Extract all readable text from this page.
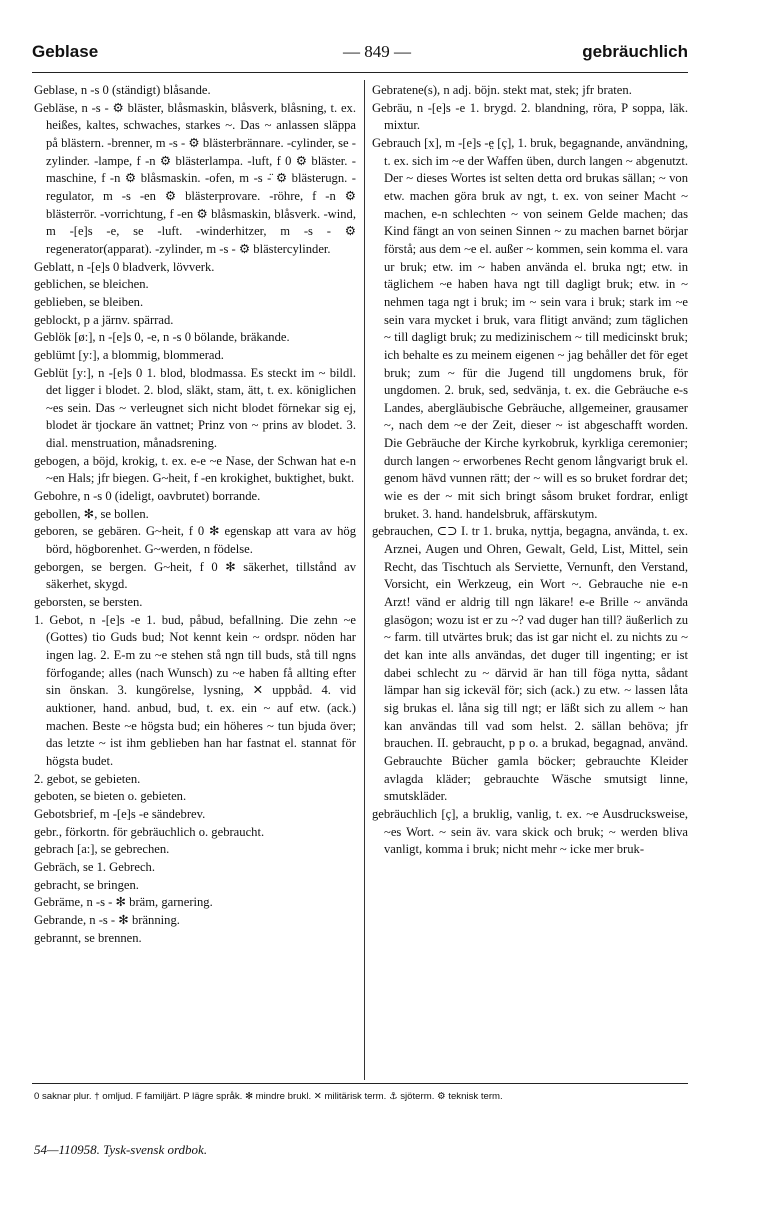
Geblase	— 849 —	gebräuchlich

Geblase, n -s 0 (ständigt) blåsande.

Gebläse, n -s - ⚙ bläster, blåsmaskin, blåsverk, blåsning, t. ex. heißes, kaltes, schwaches, starkes ~. Das ~ anlassen släppa på blästern. -brenner, m -s - ⚙ blästerbrännare. -cylinder, se -zylinder. -lampe, f -n ⚙ blästerlampa. -luft, f 0 ⚙ bläster. -maschine, f -n ⚙ blåsmaskin. -ofen, m -s -̈ ⚙ blästerugn. -regulator, m -s -en ⚙ blästerprovare. -röhre, f -n ⚙ blästerrör. -vorrichtung, f -en ⚙ blåsmaskin, blåsverk. -wind, m -[e]s -e, se -luft. -winderhitzer, m -s - ⚙ regenerator(apparat). -zylinder, m -s - ⚙ blästercylinder.

Geblatt, n -[e]s 0 bladverk, lövverk.

geblichen, se bleichen.

geblieben, se bleiben.

geblockt, p a järnv. spärrad.

Geblök [ø:], n -[e]s 0, -e, n -s 0 bölande, bräkande.

geblümt [y:], a blommig, blommerad.

Geblüt [y:], n -[e]s 0 1. blod, blodmassa. Es steckt im ~ bildl. det ligger i blodet. 2. blod, släkt, stam, ätt, t. ex. königlichen ~es sein. Das ~ verleugnet sich nicht blodet förnekar sig ej, blodet är tjockare än vattnet; Prinz von ~ prins av blodet. 3. dial. menstruation, månadsrening.

gebogen, a böjd, krokig, t. ex. e-e ~e Nase, der Schwan hat e-n ~en Hals; jfr biegen. G~heit, f -en krokighet, buktighet, bukt.

Gebohre, n -s 0 (ideligt, oavbrutet) borrande.

gebollen, ✻, se bollen.

geboren, se gebären. G~heit, f 0 ✻ egenskap att vara av hög börd, högborenhet. G~werden, n födelse.

geborgen, se bergen. G~heit, f 0 ✻ säkerhet, tillstånd av säkerhet, skygd.

geborsten, se bersten.

1. Gebot, n -[e]s -e 1. bud, påbud, befallning. Die zehn ~e (Gottes) tio Guds bud; Not kennt kein ~ ordspr. nöden har ingen lag. 2. E-m zu ~e stehen stå ngn till buds, stå till ngns förfogande; alles (nach Wunsch) zu ~e haben få allting efter sin önskan. 3. kungörelse, lysning, ✕ uppbåd. 4. vid auktioner, hand. anbud, bud, t. ex. ein ~ auf etw. (ack.) machen. Beste ~e högsta bud; ein höheres ~ tun bjuda över; das letzte ~ ist ihm geblieben han har fastnat el. stannat för högsta budet.

2. gebot, se gebieten.

geboten, se bieten o. gebieten.

Gebotsbrief, m -[e]s -e sändebrev.

gebr., förkortn. för gebräuchlich o. gebraucht.

gebrach [a:], se gebrechen.

Gebräch, se 1. Gebrech.

gebracht, se bringen.

Gebräme, n -s - ✻ bräm, garnering.

Gebrande, n -s - ✻ bränning.

gebrannt, se brennen.

Gebratene(s), n adj. böjn. stekt mat, stek; jfr braten.

Gebräu, n -[e]s -e 1. brygd. 2. blandning, röra, P soppa, läk. mixtur.

Gebrauch [x], m -[e]s -e̤ [ç], 1. bruk, begagnande, användning, t. ex. sich im ~e der Waffen üben, durch langen ~ abgenutzt. Der ~ dieses Wortes ist selten detta ord brukas sällan; ~ von etw. machen göra bruk av ngt, t. ex. von seiner Macht ~ machen, e-n schlechten ~ von seinem Gelde machen; das Kind fängt an von seinen Sinnen ~ zu machen barnet börjar förstå; aus dem ~e el. außer ~ kommen, sein komma el. vara ur bruk; etw. im ~ haben använda el. bruka ngt; etw. in täglichem ~e haben hava ngt till dagligt bruk; etw. in ~ nehmen taga ngt i bruk; im ~ sein vara i bruk; stark im ~e sein vara mycket i bruk, vara flitigt använd; zum täglichen ~ till dagligt bruk; zu medizinischem ~ till medicinskt bruk; ich behalte es zu meinem eigenen ~ jag behåller det för eget bruk; zum ~ für die Jugend till ungdomens bruk, för ungdomen. 2. bruk, sed, sedvänja, t. ex. die Gebräuche e-s Landes, abergläubische Gebräuche, allgemeiner, grausamer ~, nach dem ~e der Zeit, dieser ~ ist abgeschafft worden. Die Gebräuche der Kirche kyrkobruk, kyrkliga ceremonier; durch langen ~ erworbenes Recht genom långvarigt bruk el. genom hävd vunnen rätt; der ~ will es so bruket fordrar det; wie es der ~ mit sich bringt såsom bruket fordrar, enligt bruket. 3. hand. handelsbruk, affärskutym.

gebrauchen, ⊂⊃ I. tr 1. bruka, nyttja, begagna, använda, t. ex. Arznei, Augen und Ohren, Gewalt, Geld, List, Mittel, sein Recht, das Tischtuch als Serviette, Vernunft, den Verstand, Vorsicht, ein Werkzeug, ein Wort ~. Gebrauche nie e-n Arzt! vänd er aldrig till ngn läkare! e-e Brille ~ använda glasögon; wozu ist er zu ~? vad duger han till? äußerlich zu ~ farm. till utvärtes bruk; das ist gar nicht el. zu nichts zu ~ det kan inte alls användas, det duger till ingenting; er ist dabei schlecht zu ~ därvid är han till föga nytta, sådant lämpar han sig ickeväl för; sich (ack.) zu etw. ~ lassen låta sig brukas el. låna sig till ngt; er läßt sich zu allem ~ han kan användas till vad som helst. 2. sällan behöva; jfr brauchen. II. gebraucht, p p o. a brukad, begagnad, använd. Gebrauchte Bücher gamla böcker; gebrauchte Kleider avlagda kläder; gebrauchte Wäsche smutsigt linne, smutskläder.

gebräuchlich [ç], a bruklig, vanlig, t. ex. ~e Ausdrucksweise, ~es Wort. ~ sein äv. vara skick och bruk; ~ werden bliva vanligt, komma i bruk; nicht mehr ~ icke mer bruk-

0 saknar plur. † omljud. F familjärt. P lägre språk. ✻ mindre brukl. ✕ militärisk term. ⚓ sjöterm. ⚙ teknisk term.
54—110958. Tysk-svensk ordbok.
